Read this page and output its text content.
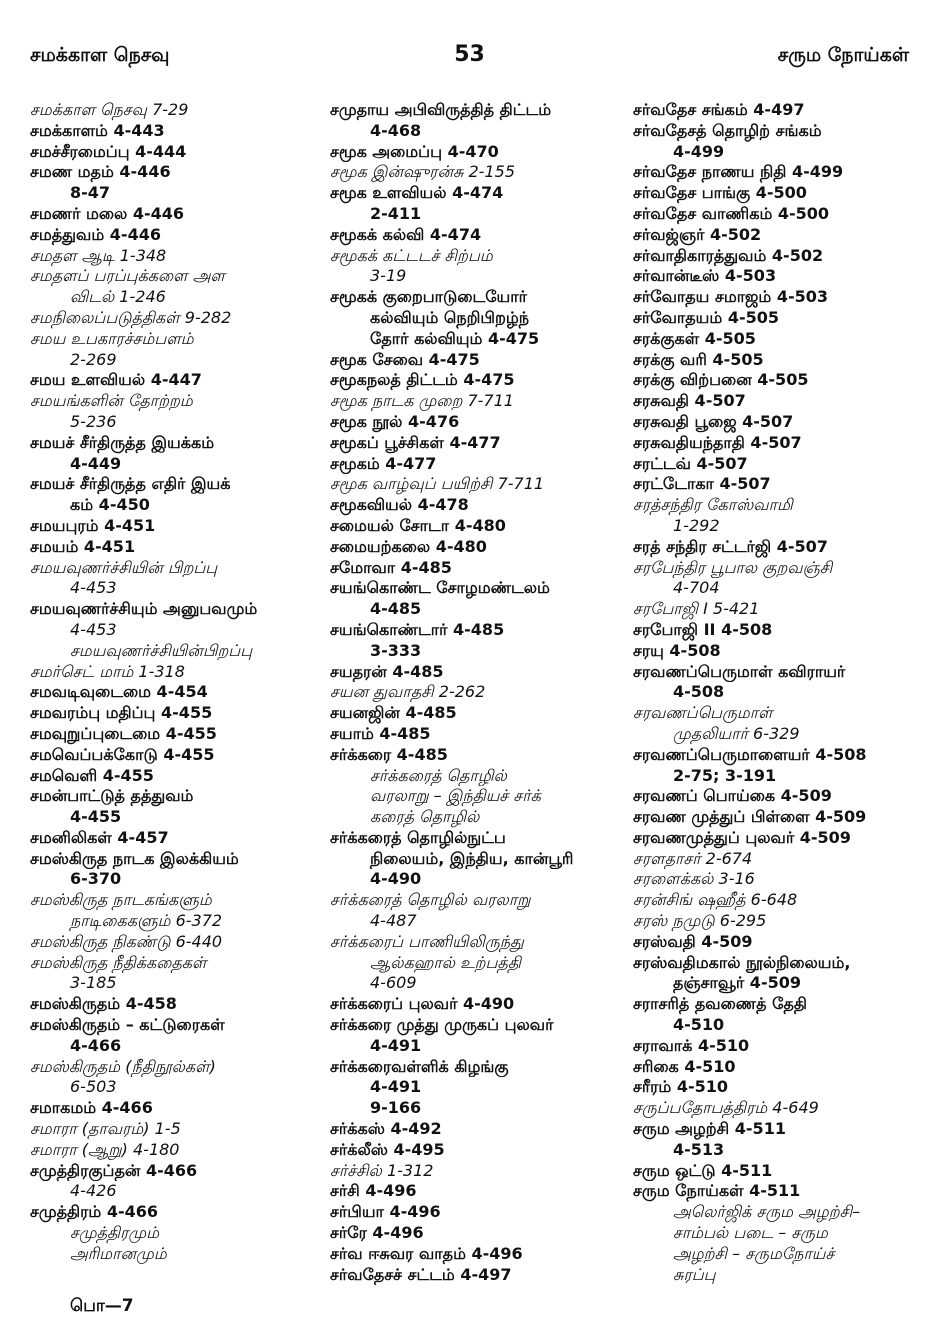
சமக்காள நெசவு	53	சரும நோய்கள்
சமக்காள நெசவு 7-29
சமக்காளம் 4-443
சமச்சீரமைப்பு 4-444
சமண மதம் 4-446
8-47
சமணர் மலை 4-446
சமத்துவம் 4-446
சமதள ஆடி 1-348
சமதளப் பரப்புக்களை அள
விடல் 1-246
சமநிலைப்படுத்திகள் 9-282
சமய உபகாரச்சம்பளம்
2-269
சமய உளவியல் 4-447
சமயங்களின் தோற்றம்
5-236
சமயச் சீர்திருத்த இயக்கம்
4-449
சமயச் சீர்திருத்த எதிர் இயக்
கம் 4-450
சமயபுரம் 4-451
சமயம் 4-451
சமயவுணர்ச்சியின் பிறப்பு
4-453
சமயவுணர்ச்சியும் அனுபவமும்
4-453
சமயவுணர்ச்சியின்பிறப்பு
சமர்செட் மாம் 1-318
சமவடிவுடைமை 4-454
சமவரம்பு மதிப்பு 4-455
சமவுறுப்புடைமை 4-455
சமவெப்பக்கோடு 4-455
சமவெளி 4-455
சமன்பாட்டுத் தத்துவம்
4-455
சமனிலிகள் 4-457
சமஸ்கிருத நாடக இலக்கியம்
6-370
சமஸ்கிருத நாடகங்களும்
நாடிகைகளும் 6-372
சமஸ்கிருத நிகண்டு 6-440
சமஸ்கிருத நீதிக்கதைகள்
3-185
சமஸ்கிருதம் 4-458
சமஸ்கிருதம் – கட்டுரைகள்
4-466
சமஸ்கிருதம் (நீதிநூல்கள்)
6-503
சமாகமம் 4-466
சமாரா (தாவரம்) 1-5
சமாரா (ஆறு) 4-180
சமுத்திரகுப்தன் 4-466
4-426
சமுத்திரம் 4-466
சமுத்திரமும்
அரிமானமும்
சமுதாய அபிவிருத்தித் திட்டம்
4-468
சமூக அமைப்பு 4-470
சமூக இன்ஷுரன்சு 2-155
சமூக உளவியல் 4-474
2-411
சமூகக் கல்வி 4-474
சமூகக் கட்டடச் சிற்பம்
3-19
சமூகக் குறைபாடுடையோர்
கல்வியும் நெறிபிறழ்ந்
தோர் கல்வியும் 4-475
சமூக சேவை 4-475
சமூகநலத் திட்டம் 4-475
சமூக நாடக முறை 7-711
சமூக நூல் 4-476
சமூகப் பூச்சிகள் 4-477
சமூகம் 4-477
சமூக வாழ்வுப் பயிற்சி 7-711
சமூகவியல் 4-478
சமையல் சோடா 4-480
சமையற்கலை 4-480
சமோவா 4-485
சயங்கொண்ட சோழமண்டலம்
4-485
சயங்கொண்டார் 4-485
3-333
சயதரன் 4-485
சயன துவாதசி 2-262
சயனஜின் 4-485
சயாம் 4-485
சர்க்கரை 4-485
சர்க்கரைத் தொழில்
வரலாறு – இந்தியச் சர்க்
கரைத் தொழில்
சர்க்கரைத் தொழில்நுட்ப
நிலையம், இந்திய, கான்பூரி
4-490
சர்க்கரைத் தொழில் வரலாறு
4-487
சர்க்கரைப் பாணியிலிருந்து
ஆல்கஹால் உற்பத்தி
4-609
சர்க்கரைப் புலவர் 4-490
சர்க்கரை முத்து முருகப் புலவர்
4-491
சர்க்கரைவள்ளிக் கிழங்கு
4-491
9-166
சர்க்கஸ் 4-492
சர்க்லீஸ் 4-495
சர்ச்சில் 1-312
சர்சி 4-496
சர்பியா 4-496
சர்ரே 4-496
சர்வ ஈசுவர வாதம் 4-496
சர்வதேசச் சட்டம் 4-497
சர்வதேச சங்கம் 4-497
சர்வதேசத் தொழிற் சங்கம்
4-499
சர்வதேச நாணய நிதி 4-499
சர்வதேச பாங்கு 4-500
சர்வதேச வாணிகம் 4-500
சர்வஜ்ஞர் 4-502
சர்வாதிகாரத்துவம் 4-502
சர்வான்டீஸ் 4-503
சர்வோதய சமாஜம் 4-503
சர்வோதயம் 4-505
சரக்குகள் 4-505
சரக்கு வரி 4-505
சரக்கு விற்பனை 4-505
சரசுவதி 4-507
சரசுவதி பூஜை 4-507
சரசுவதியந்தாதி 4-507
சரட்டவ் 4-507
சரட்டோகா 4-507
சரத்சந்திர கோஸ்வாமி
1-292
சரத் சந்திர சட்டர்ஜி 4-507
சரபேந்திர பூபால குறவஞ்சி
4-704
சரபோஜி I 5-421
சரபோஜி II 4-508
சரயு 4-508
சரவணப்பெருமாள் கவிராயர்
4-508
சரவணப்பெருமாள்
முதலியார் 6-329
சரவணப்பெருமாளையர் 4-508
2-75; 3-191
சரவணப் பொய்கை 4-509
சரவண முத்துப் பிள்ளை 4-509
சரவணமுத்துப் புலவர் 4-509
சரளதாசர் 2-674
சரளைக்கல் 3-16
சரன்சிங் ஷஹீத் 6-648
சரஸ் நமுடு 6-295
சரஸ்வதி 4-509
சரஸ்வதிமகால் நூல்நிலையம்,
தஞ்சாவூர் 4-509
சராசரித் தவணைத் தேதி
4-510
சராவாக் 4-510
சரிகை 4-510
சரீரம் 4-510
சருப்பதோபத்திரம் 4-649
சரும அழற்சி 4-511
4-513
சரும ஒட்டு 4-511
சரும நோய்கள் 4-511
அலெர்ஜிக் சரும அழற்சி–
சாம்பல் படை – சரும
அழற்சி – சருமநோய்ச்
சுரப்பு
பொ—7
